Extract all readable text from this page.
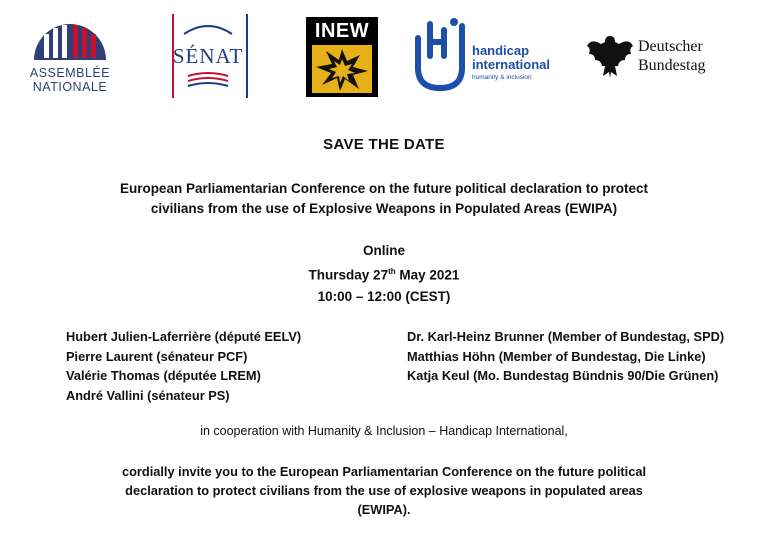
ASSEMBLÉE
NATIONALE
SÉNAT
INEW
handicap
international
humanity & inclusion
Deutscher
Bundestag
SAVE THE DATE
European Parliamentarian Conference on the future political declaration to protect
civilians from the use of Explosive Weapons in Populated Areas (EWIPA)
Online
Thursday 27th May 2021
10:00 – 12:00 (CEST)
Hubert Julien-Laferrière (député EELV)
Pierre Laurent (sénateur PCF)
Valérie Thomas (députée LREM)
André Vallini (sénateur PS)
Dr. Karl-Heinz Brunner (Member of Bundestag, SPD)
Matthias Höhn (Member of Bundestag, Die Linke)
Katja Keul (Mo. Bundestag Bündnis 90/Die Grünen)
in cooperation with Humanity & Inclusion – Handicap International,
cordially invite you to the European Parliamentarian Conference on the future political
declaration to protect civilians from the use of explosive weapons in populated areas
(EWIPA).
